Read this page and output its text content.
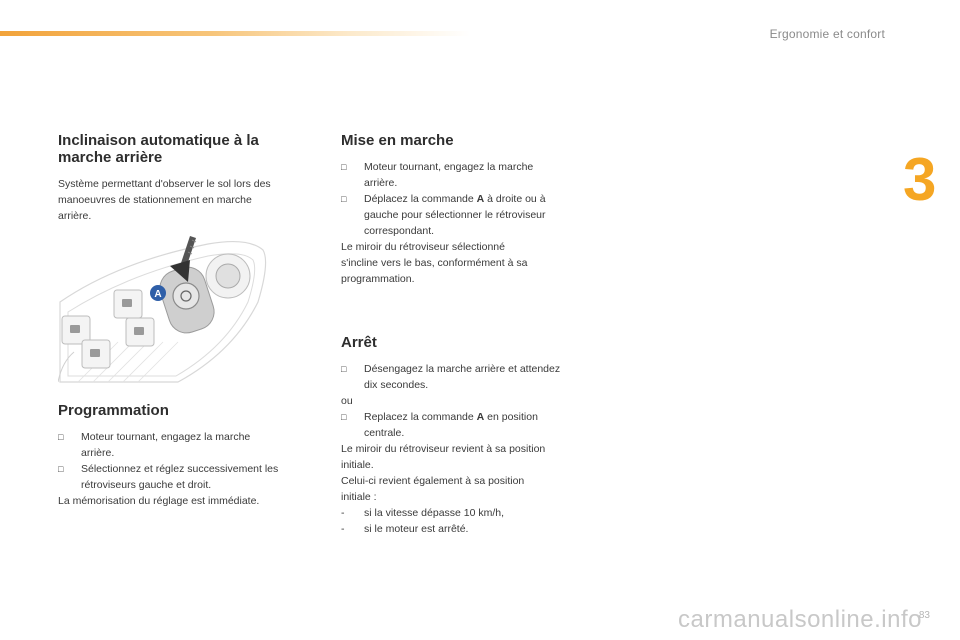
Ergonomie et confort
3
Inclinaison automatique à la
marche arrière

Système permettant d'observer le sol lors des
manoeuvres de stationnement en marche
arrière.

A
Programmation

□ Moteur tournant, engagez la marche
arrière.

□ Sélectionnez et réglez successivement les
rétroviseurs gauche et droit.

La mémorisation du réglage est immédiate.

Mise en marche

□ Moteur tournant, engagez la marche
arrière.

□ Déplacez la commande A à droite ou à
gauche pour sélectionner le rétroviseur
correspondant.

Le miroir du rétroviseur sélectionné
s'incline vers le bas, conformément à sa
programmation.

Arrêt

□ Désengagez la marche arrière et attendez
dix secondes.

ou

□ Replacez la commande A en position
centrale.

Le miroir du rétroviseur revient à sa position
initiale.

Celui-ci revient également à sa position
initiale :

- si la vitesse dépasse 10 km/h,

- si le moteur est arrêté.

83
carmanualsonline.info
